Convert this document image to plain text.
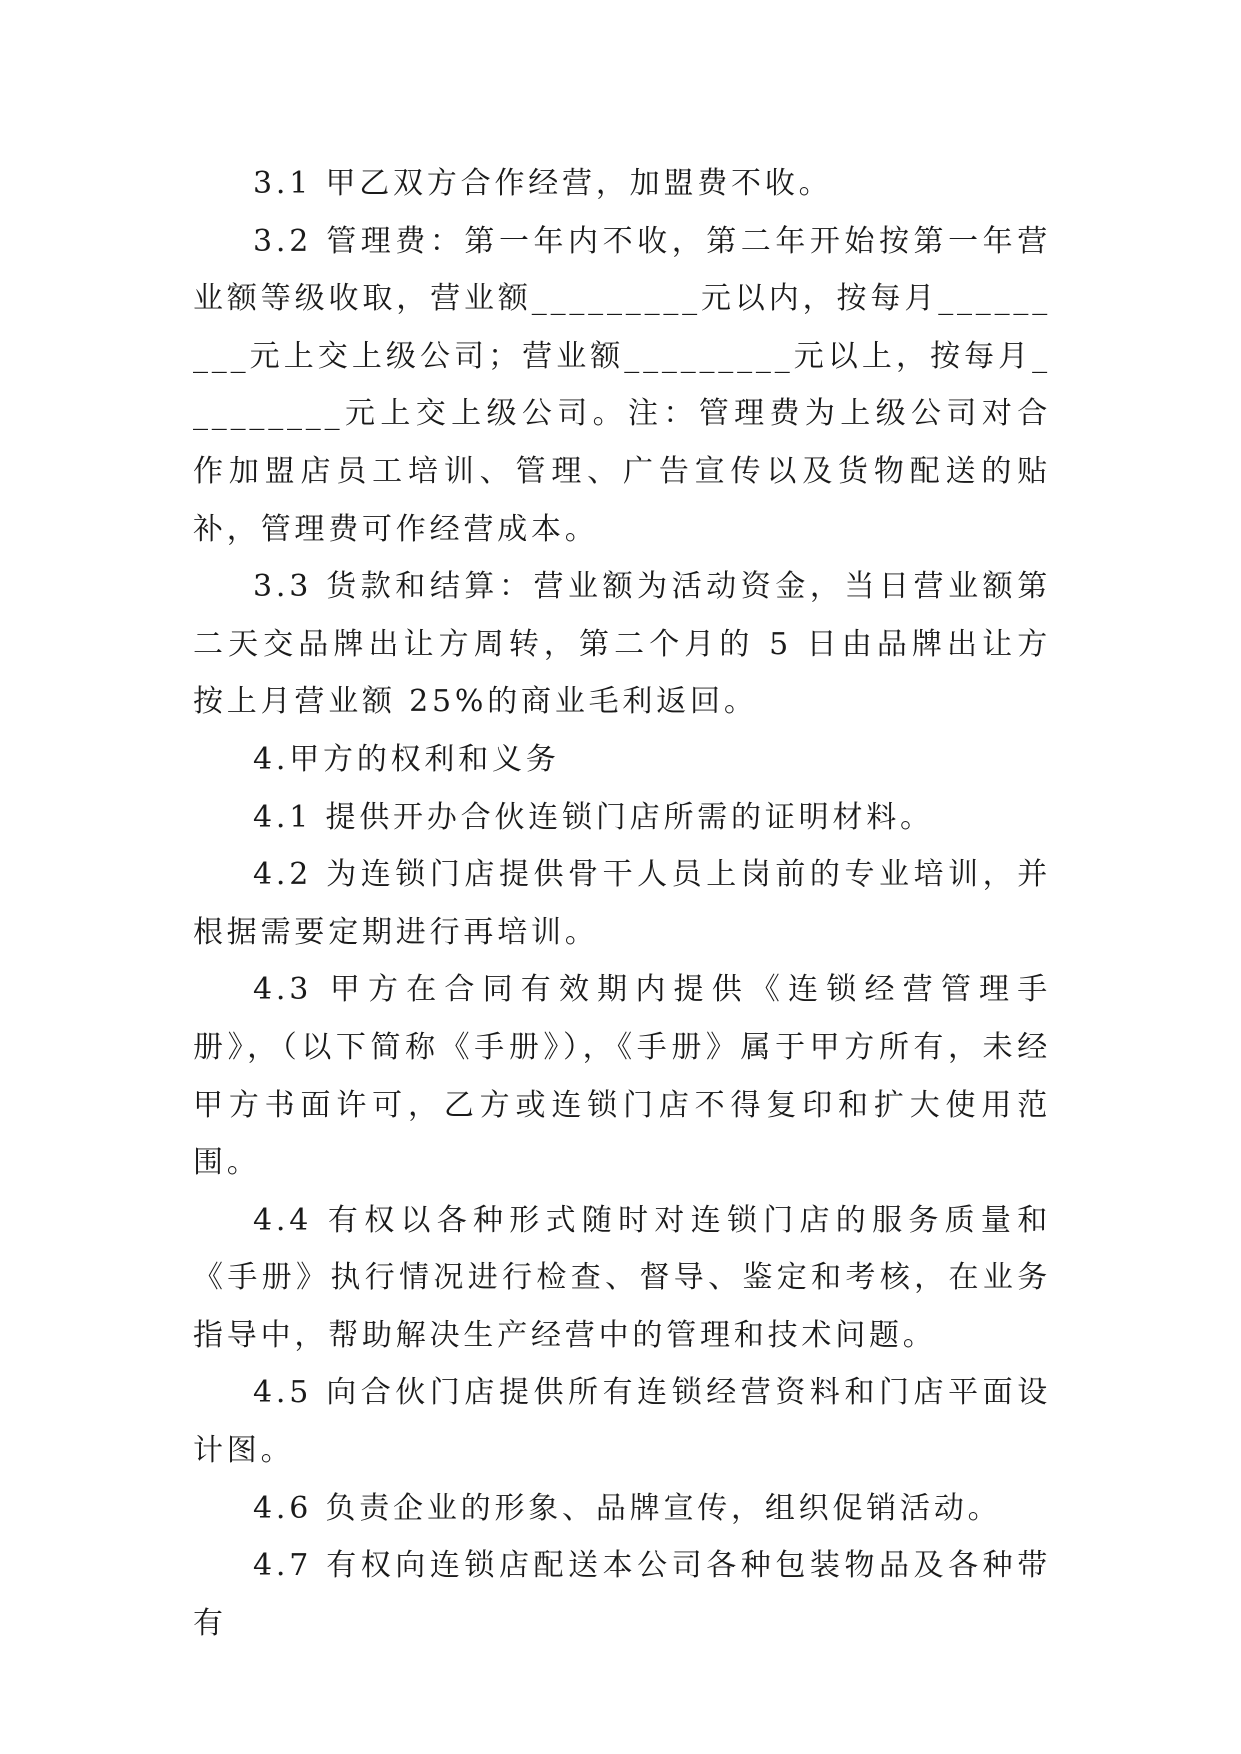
3.1 甲乙双方合作经营，加盟费不收。

3.2 管理费：第一年内不收，第二年开始按第一年营业额等级收取，营业额_________元以内，按每月_________元上交上级公司；营业额_________元以上，按每月_________元上交上级公司。注：管理费为上级公司对合作加盟店员工培训、管理、广告宣传以及货物配送的贴补，管理费可作经营成本。

3.3 货款和结算：营业额为活动资金，当日营业额第二天交品牌出让方周转，第二个月的 5 日由品牌出让方按上月营业额 25%的商业毛利返回。

4.甲方的权利和义务

4.1 提供开办合伙连锁门店所需的证明材料。

4.2 为连锁门店提供骨干人员上岗前的专业培训，并根据需要定期进行再培训。

4.3 甲方在合同有效期内提供《连锁经营管理手册》，（以下简称《手册》），《手册》属于甲方所有，未经甲方书面许可，乙方或连锁门店不得复印和扩大使用范围。

4.4 有权以各种形式随时对连锁门店的服务质量和《手册》执行情况进行检查、督导、鉴定和考核，在业务指导中，帮助解决生产经营中的管理和技术问题。

4.5 向合伙门店提供所有连锁经营资料和门店平面设计图。

4.6 负责企业的形象、品牌宣传，组织促销活动。

4.7 有权向连锁店配送本公司各种包装物品及各种带有
